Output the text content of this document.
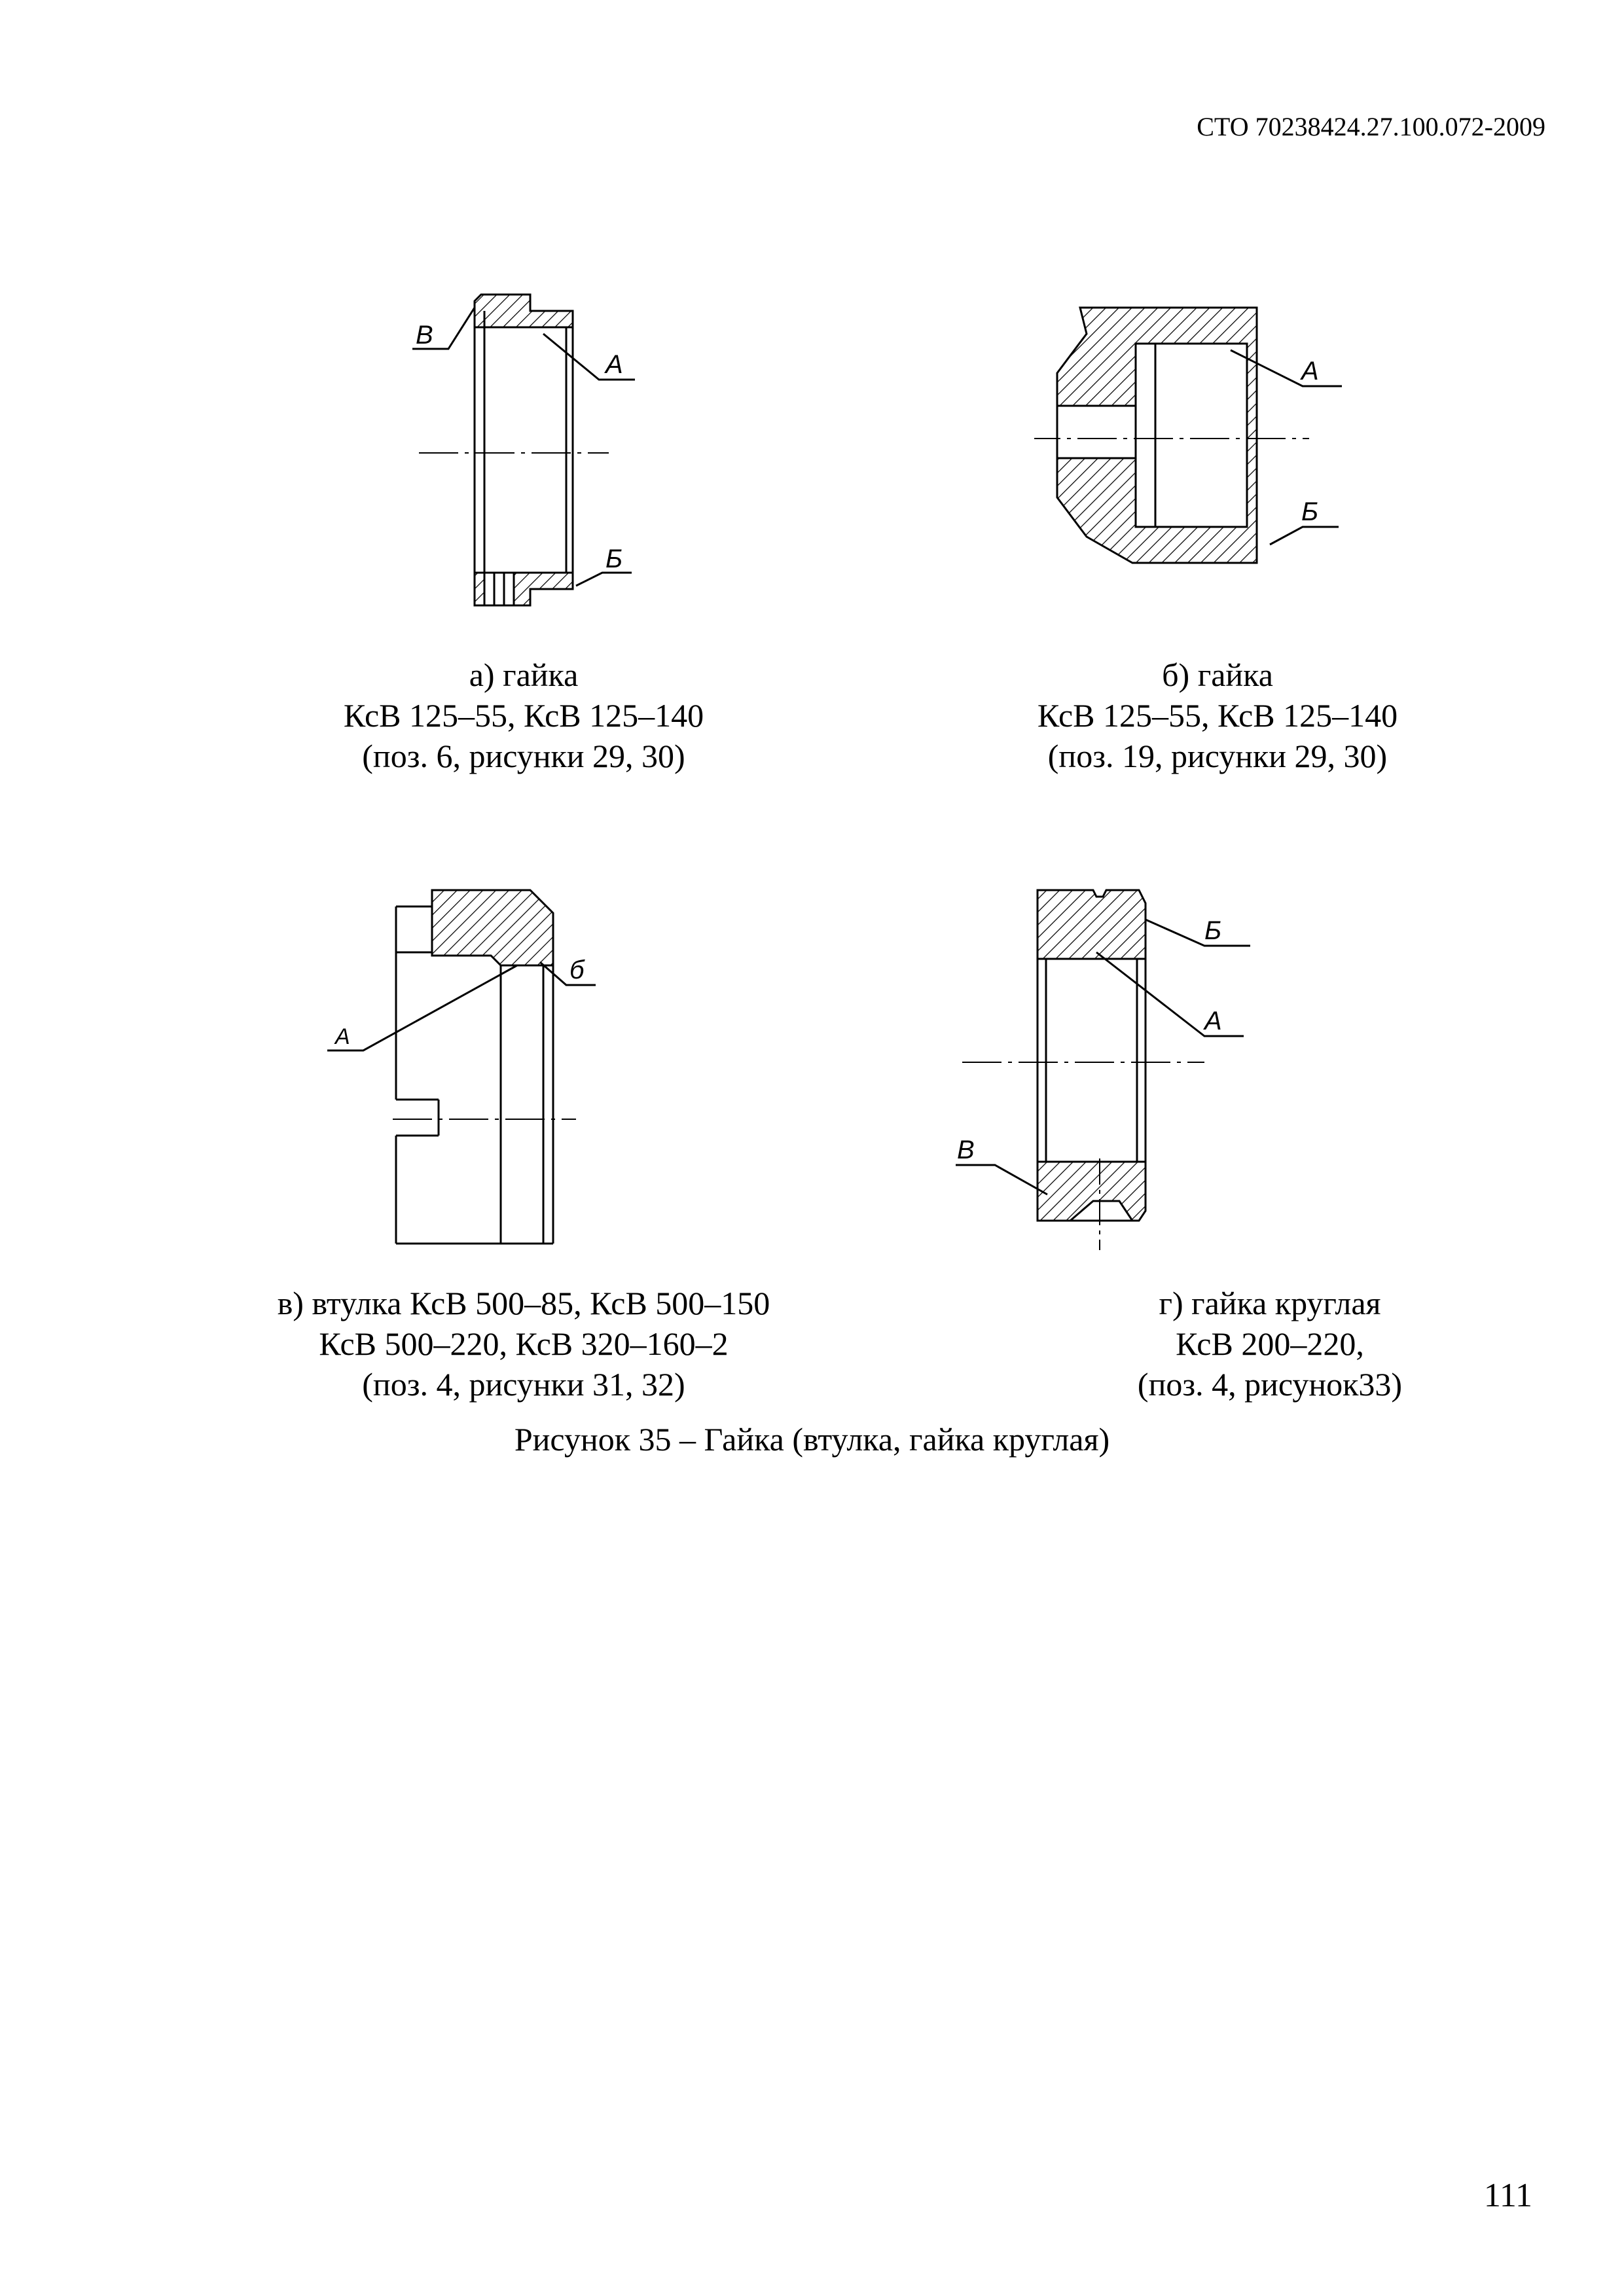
СТО 70238424.27.100.072-2009
В
А
Б
а) гайка
КсВ 125–55, КсВ 125–140
(поз. 6, рисунки 29, 30)
А
Б
б) гайка
КсВ 125–55, КсВ 125–140
(поз. 19, рисунки 29, 30)
А
б
в) втулка КсВ 500–85, КсВ 500–150
КсВ 500–220, КсВ 320–160–2
(поз. 4, рисунки 31, 32)
Б
А
В
г) гайка круглая
КсВ 200–220,
(поз. 4, рисунок33)
Рисунок 35 – Гайка (втулка, гайка круглая)
111
